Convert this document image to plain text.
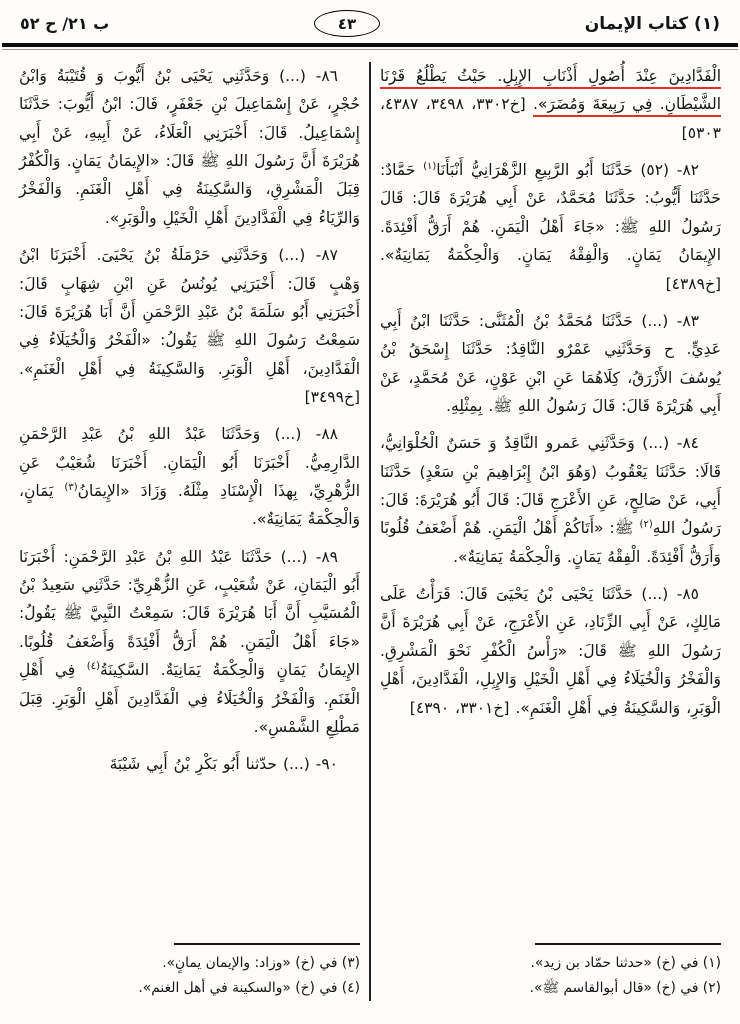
ب ٢١/ ح ٥٢	٤٣	(١) كتاب الإيمان

الْفَدَّادِينَ عِنْدَ أُصُولِ أَذْنَابِ الإِبِلِ. حَيْثُ يَطْلُعُ قَرْنَا الشَّيْطَانِ. فِي رَبِيعَةَ وَمُضَرَ». [خ٣٣٠٢، ٣٤٩٨، ٤٣٨٧، ٥٣٠٣]

٨٢- (٥٢) حَدَّثَنَا أَبُو الرَّبِيعِ الزَّهْرَانِيُّ أَنْبَأَنَا$^{(١)}$ حَمَّادٌ: حَدَّثَنَا أَيُّوبُ: حَدَّثَنَا مُحَمَّدٌ، عَنْ أَبِي هُرَيْرَةَ قَالَ: قَالَ رَسُولُ اللهِ ﷺ: «جَاءَ أَهْلُ الْيَمَنِ. هُمْ أَرَقُّ أَفْئِدَةً. الإِيمَانُ يَمَانٍ. وَالْفِقْهُ يَمَانٍ. وَالْحِكْمَةُ يَمَانِيَةٌ». [خ٤٣٨٩]

٨٣- (...) حَدَّثَنَا مُحَمَّدُ بْنُ الْمُثَنَّى: حَدَّثَنَا ابْنُ أَبِي عَدِيٍّ. ح وَحَدَّثَنِي عَمْرٌو النَّاقِدُ: حَدَّثَنَا إِسْحَقُ بْنُ يُوسُفَ الأَزْرَقُ، كِلَاهُمَا عَنِ ابْنِ عَوْنٍ، عَنْ مُحَمَّدٍ، عَنْ أَبِي هُرَيْرَةَ قَالَ: قَالَ رَسُولُ اللهِ ﷺ. بِمِثْلِهِ.

٨٤- (...) وَحَدَّثَنِي عَمرو النَّاقِدُ وَ حَسَنٌ الْحُلْوَانِيُّ، قَالَا: حَدَّثَنَا يَعْقُوبُ (وَهُوَ ابْنُ إِبْرَاهِيمَ بْنِ سَعْدٍ) حَدَّثَنَا أَبِي، عَنْ صَالِحٍ، عَنِ الأَعْرَجِ قَالَ: قَالَ أَبُو هُرَيْرَةَ: قَالَ: رَسُولُ اللهِ$^{(٢)}$ ﷺ: «أَتَاكُمْ أَهْلُ الْيَمَنِ. هُمْ أَضْعَفُ قُلُوبًا وَأَرَقُّ أَفْئِدَةً. الْفِقْهُ يَمَانٍ. وَالْحِكْمَةُ يَمَانِيَةٌ».

٨٥- (...) حَدَّثَنَا يَحْيَى بْنُ يَحْيَىَ قَالَ: قَرَأْتُ عَلَى مَالِكٍ، عَنْ أَبِي الزِّنَادِ، عَنِ الأَعْرَجِ، عَنْ أَبِي هُرَيْرَةَ أَنَّ رَسُولَ اللهِ ﷺ قَالَ: «رَأْسُ الْكُفْرِ نَحْوَ الْمَشْرِقِ. وَالْفَخْرُ وَالْخُيَلَاءُ فِي أَهْلِ الْخَيْلِ وَالإِبِلِ، الْفَدَّادِينَ، أَهْلِ الْوَبَرِ، وَالسَّكِينَةُ فِي أَهْلِ الْغَنَمِ». [خ٣٣٠١، ٤٣٩٠]

(١) في (خ) «حدثنا حمّاد بن زيد».
(٢) في (خ) «قال أبوالقاسم ﷺ».

٨٦- (...) وَحَدَّثَنِي يَحْيَى بْنُ أَيُّوبَ وَ قُتَيْبَةُ وَابْنُ حُجْرٍ، عَنْ إِسْمَاعِيلَ بْنِ جَعْفَرٍ، قَالَ: ابْنُ أَيُّوبَ: حَدَّثَنَا إِسْمَاعِيلُ. قَالَ: أَخْبَرَنِي الْعَلَاءُ، عَنْ أَبِيهِ، عَنْ أَبِي هُرَيْرَةَ أَنَّ رَسُولَ اللهِ ﷺ قَالَ: «الإِيمَانُ يَمَانٍ. وَالْكُفْرُ قِبَلَ الْمَشْرِقِ، وَالسَّكِينَةُ فِي أَهْلِ الْغَنَمِ. وَالْفَخْرُ وَالرِّيَاءُ فِي الْفَدَّادِينَ أَهْلِ الْخَيْلِ والْوَبَرِ».

٨٧- (...) وَحَدَّثَنِي حَرْمَلَةُ بْنُ يَحْيَىَ. أَخْبَرَنَا ابْنُ وَهْبٍ قَالَ: أَخْبَرَنِي يُونُسُ عَنِ ابْنِ شِهَابٍ قَالَ: أَخْبَرَنِي أَبُو سَلَمَةَ بْنُ عَبْدِ الرَّحْمَنِ أَنَّ أَبَا هُرَيْرَةَ قَالَ: سَمِعْتُ رَسُولَ اللهِ ﷺ يَقُولُ: «الْفَخْرُ وَالْخُيَلَاءُ فِي الْفَدَّادِينَ، أَهْلِ الْوَبَرِ. وَالسَّكِينَةُ فِي أَهْلِ الْغَنَمِ». [خ٣٤٩٩]

٨٨- (...) وَحَدَّثَنَا عَبْدُ اللهِ بْنُ عَبْدِ الرَّحْمَنِ الدَّارِمِيُّ. أَخْبَرَنَا أَبُو الْيَمَانِ. أَخْبَرَنَا شُعَيْبٌ عَنِ الزُّهْرِيِّ، بِهذَا الْإِسْنَادِ مِثْلَهُ. وَزَادَ «الإِيمَانُ$^{(٣)}$ يَمَانٍ، وَالْحِكْمَةُ يَمَانِيَةٌ».

٨٩- (...) حَدَّثَنَا عَبْدُ اللهِ بْنُ عَبْدِ الرَّحْمَنِ: أَخْبَرَنَا أَبُو الْيَمَانِ، عَنْ شُعَيْبٍ، عَنِ الزُّهْرِيِّ: حَدَّثَنِي سَعِيدُ بْنُ الْمُسَيَّبِ أَنَّ أَبَا هُرَيْرَةَ قَالَ: سَمِعْتُ النَّبِيَّ ﷺ يَقُولُ: «جَاءَ أَهْلُ الْيَمَنِ. هُمْ أَرَقُّ أَفْئِدَةً وَأَضْعَفُ قُلُوبًا. الإِيمَانُ يَمَانٍ وَالْحِكْمَةُ يَمَانِيَةٌ. السَّكِينَةُ$^{(٤)}$ فِي أَهْلِ الْغَنَمِ. وَالْفَخْرُ وَالْخُيَلَاءُ فِي الْفَدَّادِينَ أَهْلِ الْوَبَرِ. قِبَلَ مَطْلِعِ الشَّمْسِ».

٩٠- (...) حدّثنا أَبُو بَكْرِ بْنُ أَبِي شَيْبَةَ

(٣) في (خ) «وزاد: والإيمان يمانٍ».
(٤) في (خ) «والسكينة في أهل الغنم».
